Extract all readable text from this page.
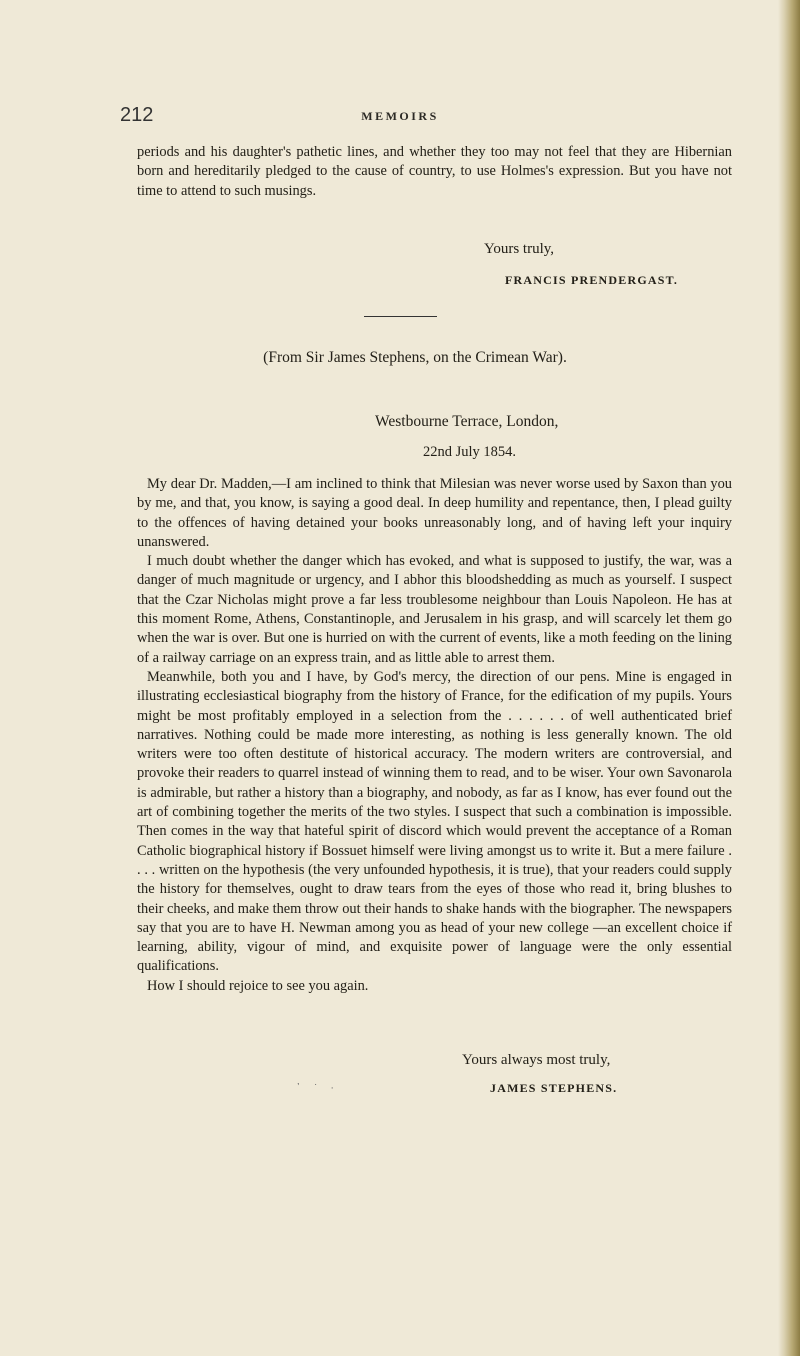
212	MEMOIRS

periods and his daughter's pathetic lines, and whether they too may not feel that they are Hibernian born and hereditarily pledged to the cause of country, to use Holmes's expression. But you have not time to attend to such musings.

Yours truly,
FRANCIS PRENDERGAST.
(From Sir James Stephens, on the Crimean War).
Westbourne Terrace, London,
22nd July 1854.

My dear Dr. Madden,—I am inclined to think that Milesian was never worse used by Saxon than you by me, and that, you know, is saying a good deal. In deep humility and repentance, then, I plead guilty to the offences of having detained your books unreasonably long, and of having left your inquiry unanswered.

I much doubt whether the danger which has evoked, and what is supposed to justify, the war, was a danger of much magnitude or urgency, and I abhor this bloodshedding as much as yourself. I suspect that the Czar Nicholas might prove a far less troublesome neighbour than Louis Napoleon. He has at this moment Rome, Athens, Constantinople, and Jerusalem in his grasp, and will scarcely let them go when the war is over. But one is hurried on with the current of events, like a moth feeding on the lining of a railway carriage on an express train, and as little able to arrest them.

Meanwhile, both you and I have, by God's mercy, the direction of our pens. Mine is engaged in illustrating ecclesiastical biography from the history of France, for the edification of my pupils. Yours might be most profitably employed in a selection from the . . . . . . of well authenticated brief narratives. Nothing could be made more interesting, as nothing is less generally known. The old writers were too often destitute of historical accuracy. The modern writers are controversial, and provoke their readers to quarrel instead of winning them to read, and to be wiser. Your own Savonarola is admirable, but rather a history than a biography, and nobody, as far as I know, has ever found out the art of combining together the merits of the two styles. I suspect that such a combination is impossible. Then comes in the way that hateful spirit of discord which would prevent the acceptance of a Roman Catholic biographical history if Bossuet himself were living amongst us to write it. But a mere failure . . . . written on the hypothesis (the very unfounded hypothesis, it is true), that your readers could supply the history for themselves, ought to draw tears from the eyes of those who read it, bring blushes to their cheeks, and make them throw out their hands to shake hands with the biographer. The newspapers say that you are to have H. Newman among you as head of your new college —an excellent choice if learning, ability, vigour of mind, and exquisite power of language were the only essential qualifications.

How I should rejoice to see you again.

Yours always most truly,
JAMES STEPHENS.
᾽ ˙ ·
